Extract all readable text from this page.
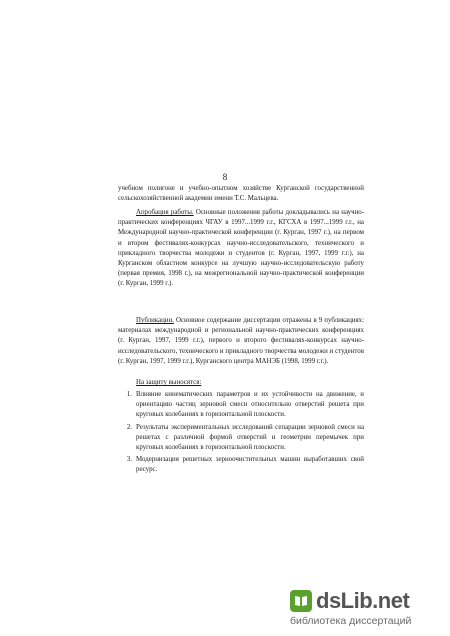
8

учебном полигоне и учебно-опытном хозяйстве Курганской государственной сельскохозяйственной академии имени Т.С. Мальцева.

Апробация работы. Основные положения работы докладывались на научно-практических конференциях ЧГАУ в 1997...1999 г.г., КГСХА в 1997...1999 г.г., на Международной научно-практической конференции (г. Курган, 1997 г.), на первом и втором фестивалях-конкурсах научно-исследовательского, технического и прикладного творчества молодежи и студентов (г. Курган, 1997, 1999 г.г.), на Курганском областном конкурсе на лучшую научно-исследовательскую работу (первая премия, 1998 г.), на межрегиональной научно-практической конференции (г. Курган, 1999 г.).

Публикации. Основное содержание диссертации отражены в 9 публикациях: материалах международной и региональной научно-практических конференциях (г. Курган, 1997, 1999 г.г.), первого и второго фестивалях-конкурсах научно-исследовательского, технического и прикладного творчества молодежи и студентов (г. Курган, 1997, 1999 г.г.), Курганского центра МАНЭБ (1998, 1999 г.г.).

На защиту выносятся:
1. Влияние кинематических параметров и их устойчивости на движение, и ориентацию частиц зерновой смеси относительно отверстий решета при круговых колебаниях в горизонтальной плоскости.
2. Результаты экспериментальных исследований сепарации зерновой смеси на решетах с различной формой отверстий и геометрии перемычек при круговых колебаниях в горизонтальной плоскости.
3. Модернизация решетных зерноочистительных машин выработавших свой ресурс.
dsLib.net
библиотека диссертаций
